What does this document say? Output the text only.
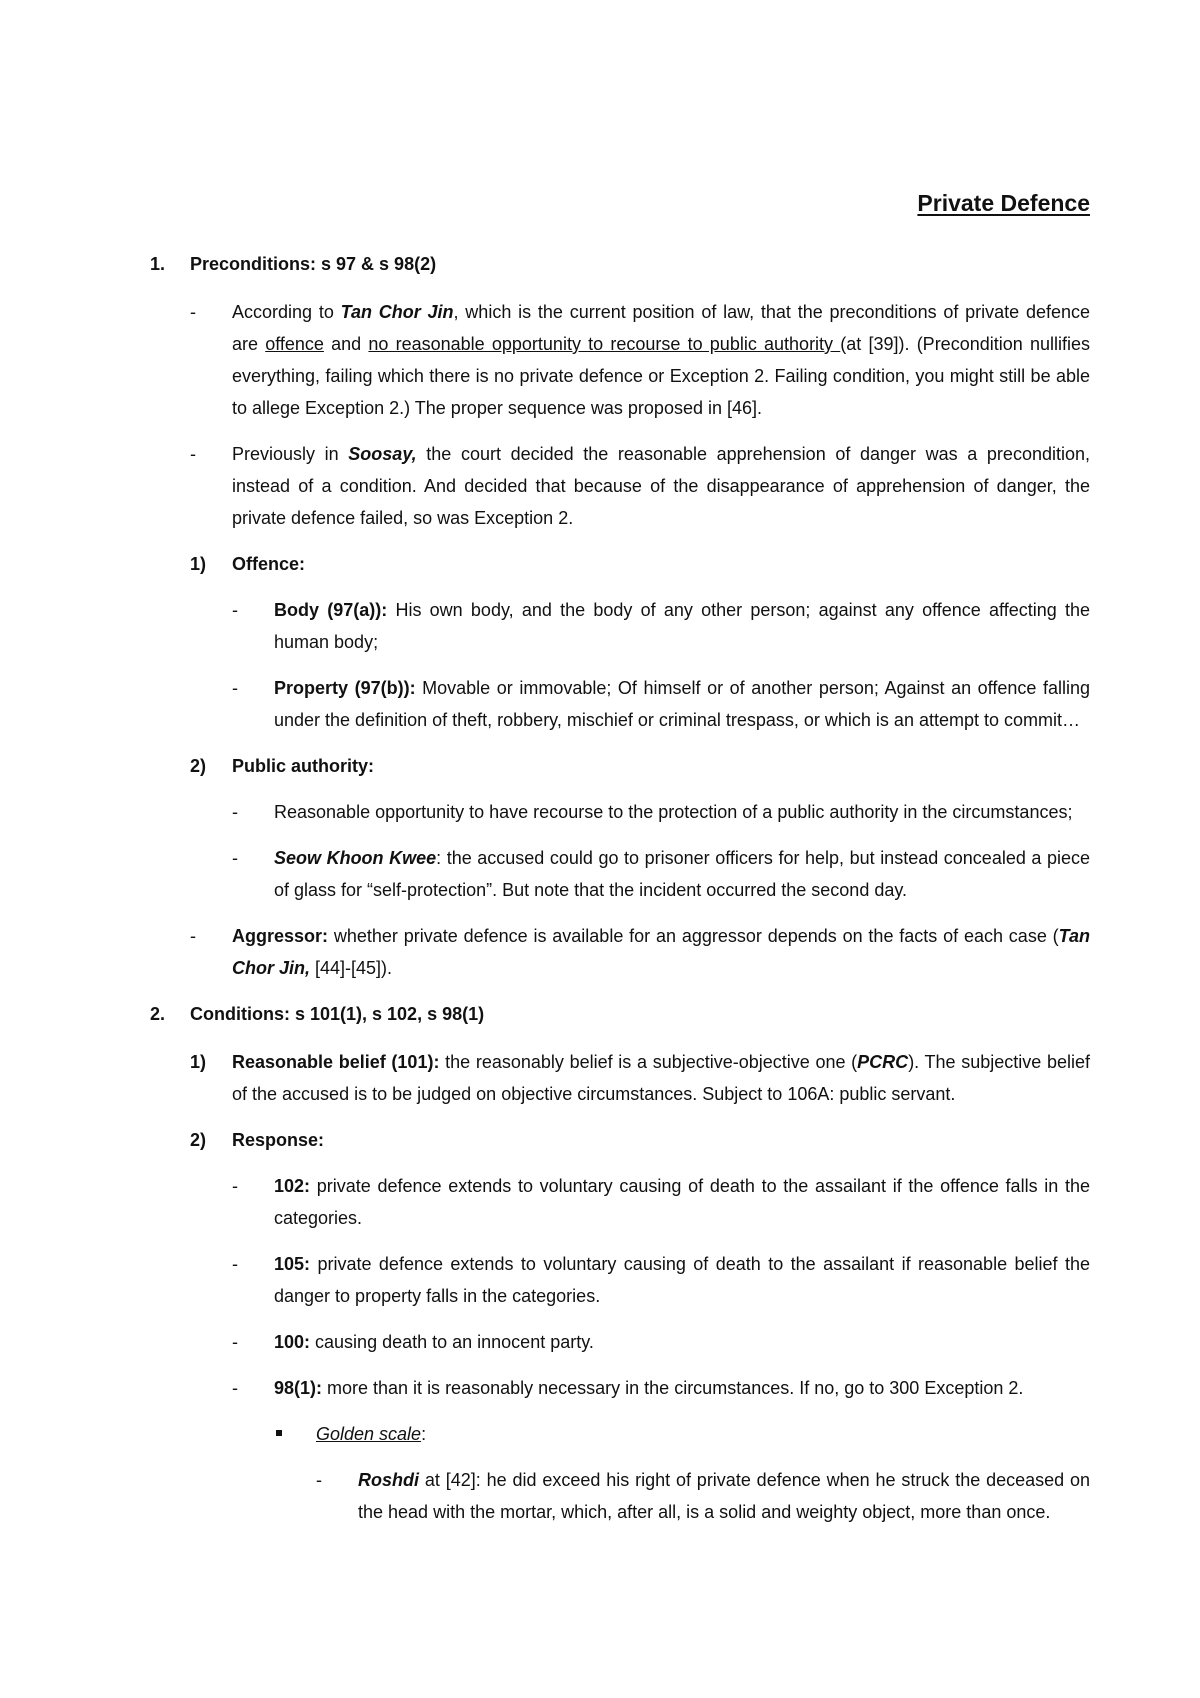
Private Defence
1. Preconditions: s 97 & s 98(2)
- According to Tan Chor Jin, which is the current position of law, that the preconditions of private defence are offence and no reasonable opportunity to recourse to public authority (at [39]). (Precondition nullifies everything, failing which there is no private defence or Exception 2. Failing condition, you might still be able to allege Exception 2.) The proper sequence was proposed in [46].
- Previously in Soosay, the court decided the reasonable apprehension of danger was a precondition, instead of a condition. And decided that because of the disappearance of apprehension of danger, the private defence failed, so was Exception 2.
1) Offence:
- Body (97(a)): His own body, and the body of any other person; against any offence affecting the human body;
- Property (97(b)): Movable or immovable; Of himself or of another person; Against an offence falling under the definition of theft, robbery, mischief or criminal trespass, or which is an attempt to commit…
2) Public authority:
- Reasonable opportunity to have recourse to the protection of a public authority in the circumstances;
- Seow Khoon Kwee: the accused could go to prisoner officers for help, but instead concealed a piece of glass for “self-protection”. But note that the incident occurred the second day.
- Aggressor: whether private defence is available for an aggressor depends on the facts of each case (Tan Chor Jin, [44]-[45]).
2. Conditions: s 101(1), s 102, s 98(1)
1) Reasonable belief (101): the reasonably belief is a subjective-objective one (PCRC). The subjective belief of the accused is to be judged on objective circumstances. Subject to 106A: public servant.
2) Response:
- 102: private defence extends to voluntary causing of death to the assailant if the offence falls in the categories.
- 105: private defence extends to voluntary causing of death to the assailant if reasonable belief the danger to property falls in the categories.
- 100: causing death to an innocent party.
- 98(1): more than it is reasonably necessary in the circumstances. If no, go to 300 Exception 2.
Golden scale:
- Roshdi at [42]: he did exceed his right of private defence when he struck the deceased on the head with the mortar, which, after all, is a solid and weighty object, more than once.
